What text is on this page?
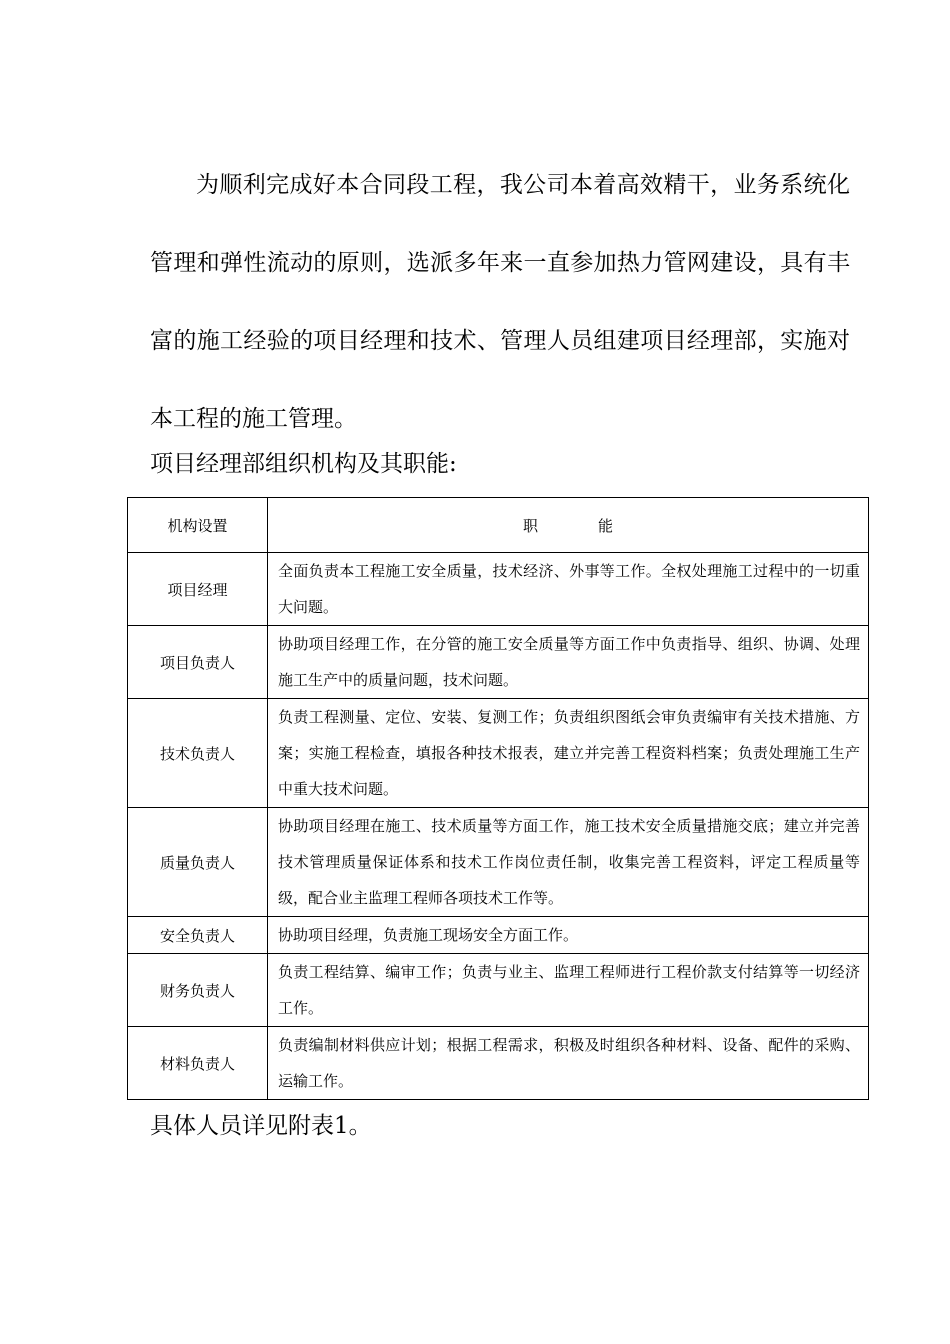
为顺利完成好本合同段工程，我公司本着高效精干，业务系统化管理和弹性流动的原则，选派多年来一直参加热力管网建设，具有丰富的施工经验的项目经理和技术、管理人员组建项目经理部，实施对本工程的施工管理。

项目经理部组织机构及其职能:

机构设置	职　　　　能
项目经理	全面负责本工程施工安全质量，技术经济、外事等工作。全权处理施工过程中的一切重大问题。
项目负责人	协助项目经理工作，在分管的施工安全质量等方面工作中负责指导、组织、协调、处理施工生产中的质量问题，技术问题。
技术负责人	负责工程测量、定位、安装、复测工作；负责组织图纸会审负责编审有关技术措施、方案；实施工程检查，填报各种技术报表，建立并完善工程资料档案；负责处理施工生产中重大技术问题。
质量负责人	协助项目经理在施工、技术质量等方面工作，施工技术安全质量措施交底；建立并完善技术管理质量保证体系和技术工作岗位责任制，收集完善工程资料，评定工程质量等级，配合业主监理工程师各项技术工作等。
安全负责人	协助项目经理，负责施工现场安全方面工作。
财务负责人	负责工程结算、编审工作；负责与业主、监理工程师进行工程价款支付结算等一切经济工作。
材料负责人	负责编制材料供应计划；根据工程需求，积极及时组织各种材料、设备、配件的采购、运输工作。

具体人员详见附表1。
